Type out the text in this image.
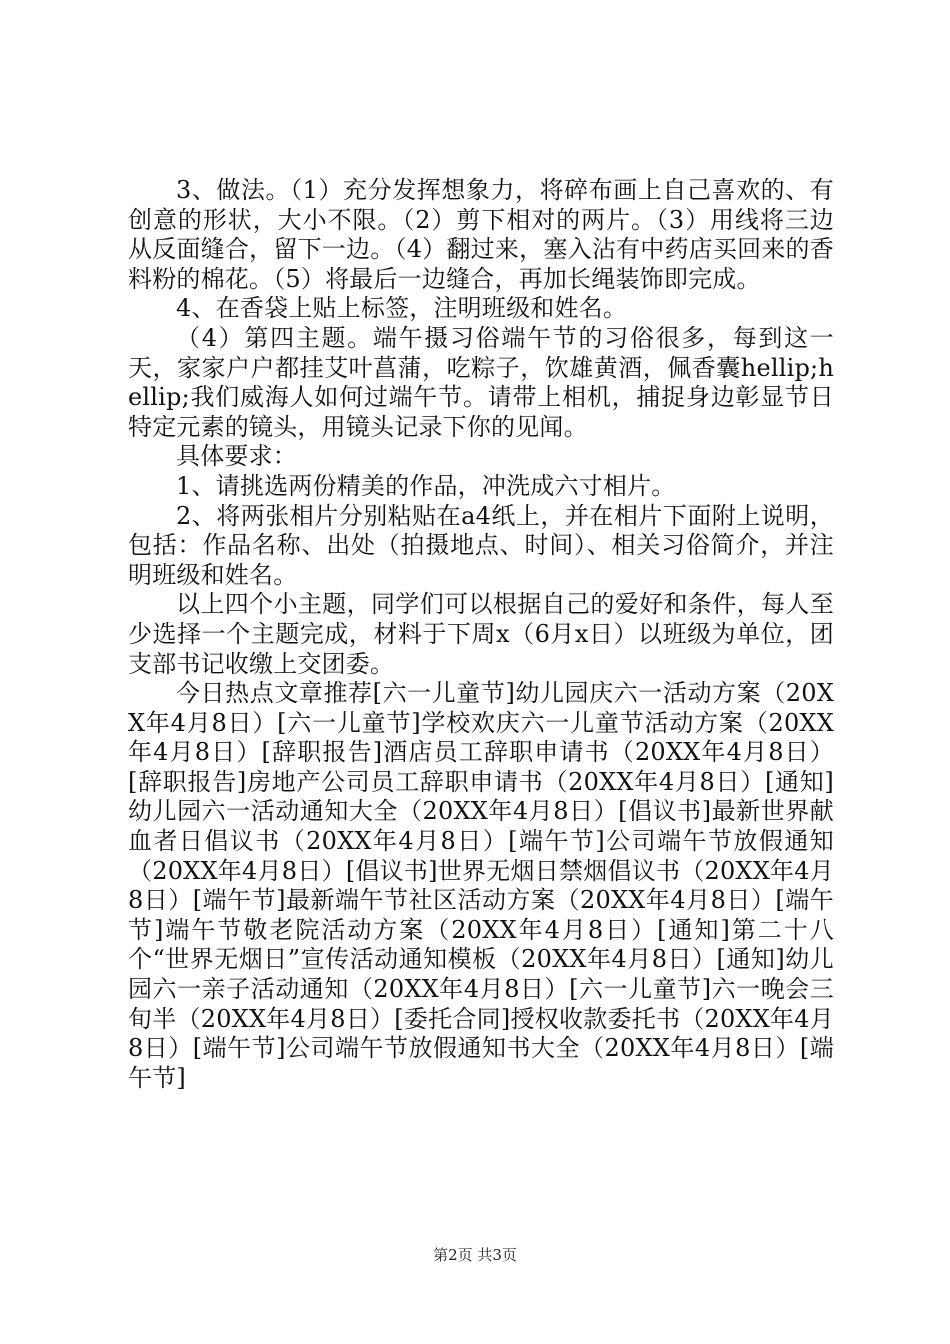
3、做法。（1）充分发挥想象力，将碎布画上自己喜欢的、有创意的形状，大小不限。（2）剪下相对的两片。（3）用线将三边从反面缝合，留下一边。（4）翻过来，塞入沾有中药店买回来的香料粉的棉花。（5）将最后一边缝合，再加长绳装饰即完成。

4、在香袋上贴上标签，注明班级和姓名。

（4）第四主题。端午摄习俗端午节的习俗很多，每到这一天，家家户户都挂艾叶菖蒲，吃粽子，饮雄黄酒，佩香囊hellip;hellip;我们威海人如何过端午节。请带上相机，捕捉身边彰显节日特定元素的镜头，用镜头记录下你的见闻。

具体要求：

1、请挑选两份精美的作品，冲洗成六寸相片。

2、将两张相片分别粘贴在a4纸上，并在相片下面附上说明，包括：作品名称、出处（拍摄地点、时间）、相关习俗简介，并注明班级和姓名。

以上四个小主题，同学们可以根据自己的爱好和条件，每人至少选择一个主题完成，材料于下周x（6月x日）以班级为单位，团支部书记收缴上交团委。

今日热点文章推荐[六一儿童节]幼儿园庆六一活动方案（20XX年4月8日）[六一儿童节]学校欢庆六一儿童节活动方案（20XX年4月8日）[辞职报告]酒店员工辞职申请书（20XX年4月8日）[辞职报告]房地产公司员工辞职申请书（20XX年4月8日）[通知]幼儿园六一活动通知大全（20XX年4月8日）[倡议书]最新世界献血者日倡议书（20XX年4月8日）[端午节]公司端午节放假通知（20XX年4月8日）[倡议书]世界无烟日禁烟倡议书（20XX年4月8日）[端午节]最新端午节社区活动方案（20XX年4月8日）[端午节]端午节敬老院活动方案（20XX年4月8日）[通知]第二十八个“世界无烟日”宣传活动通知模板（20XX年4月8日）[通知]幼儿园六一亲子活动通知（20XX年4月8日）[六一儿童节]六一晚会三旬半（20XX年4月8日）[委托合同]授权收款委托书（20XX年4月8日）[端午节]公司端午节放假通知书大全（20XX年4月8日）[端午节]

第2页 共3页
